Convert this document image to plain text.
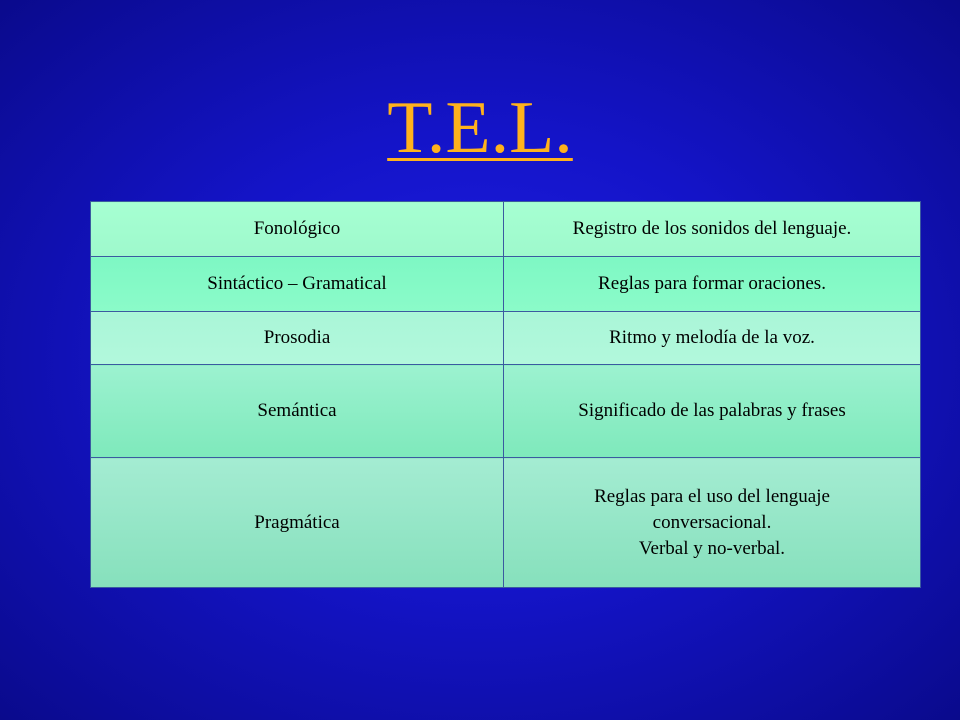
T.E.L.
Fonológico	Registro de los sonidos del lenguaje.

Sintáctico – Gramatical	Reglas para formar oraciones.

Prosodia	Ritmo y melodía de la voz.

Semántica	Significado de las palabras y frases

Pragmática	Reglas para el uso del lenguaje
conversacional.
Verbal y no-verbal.
